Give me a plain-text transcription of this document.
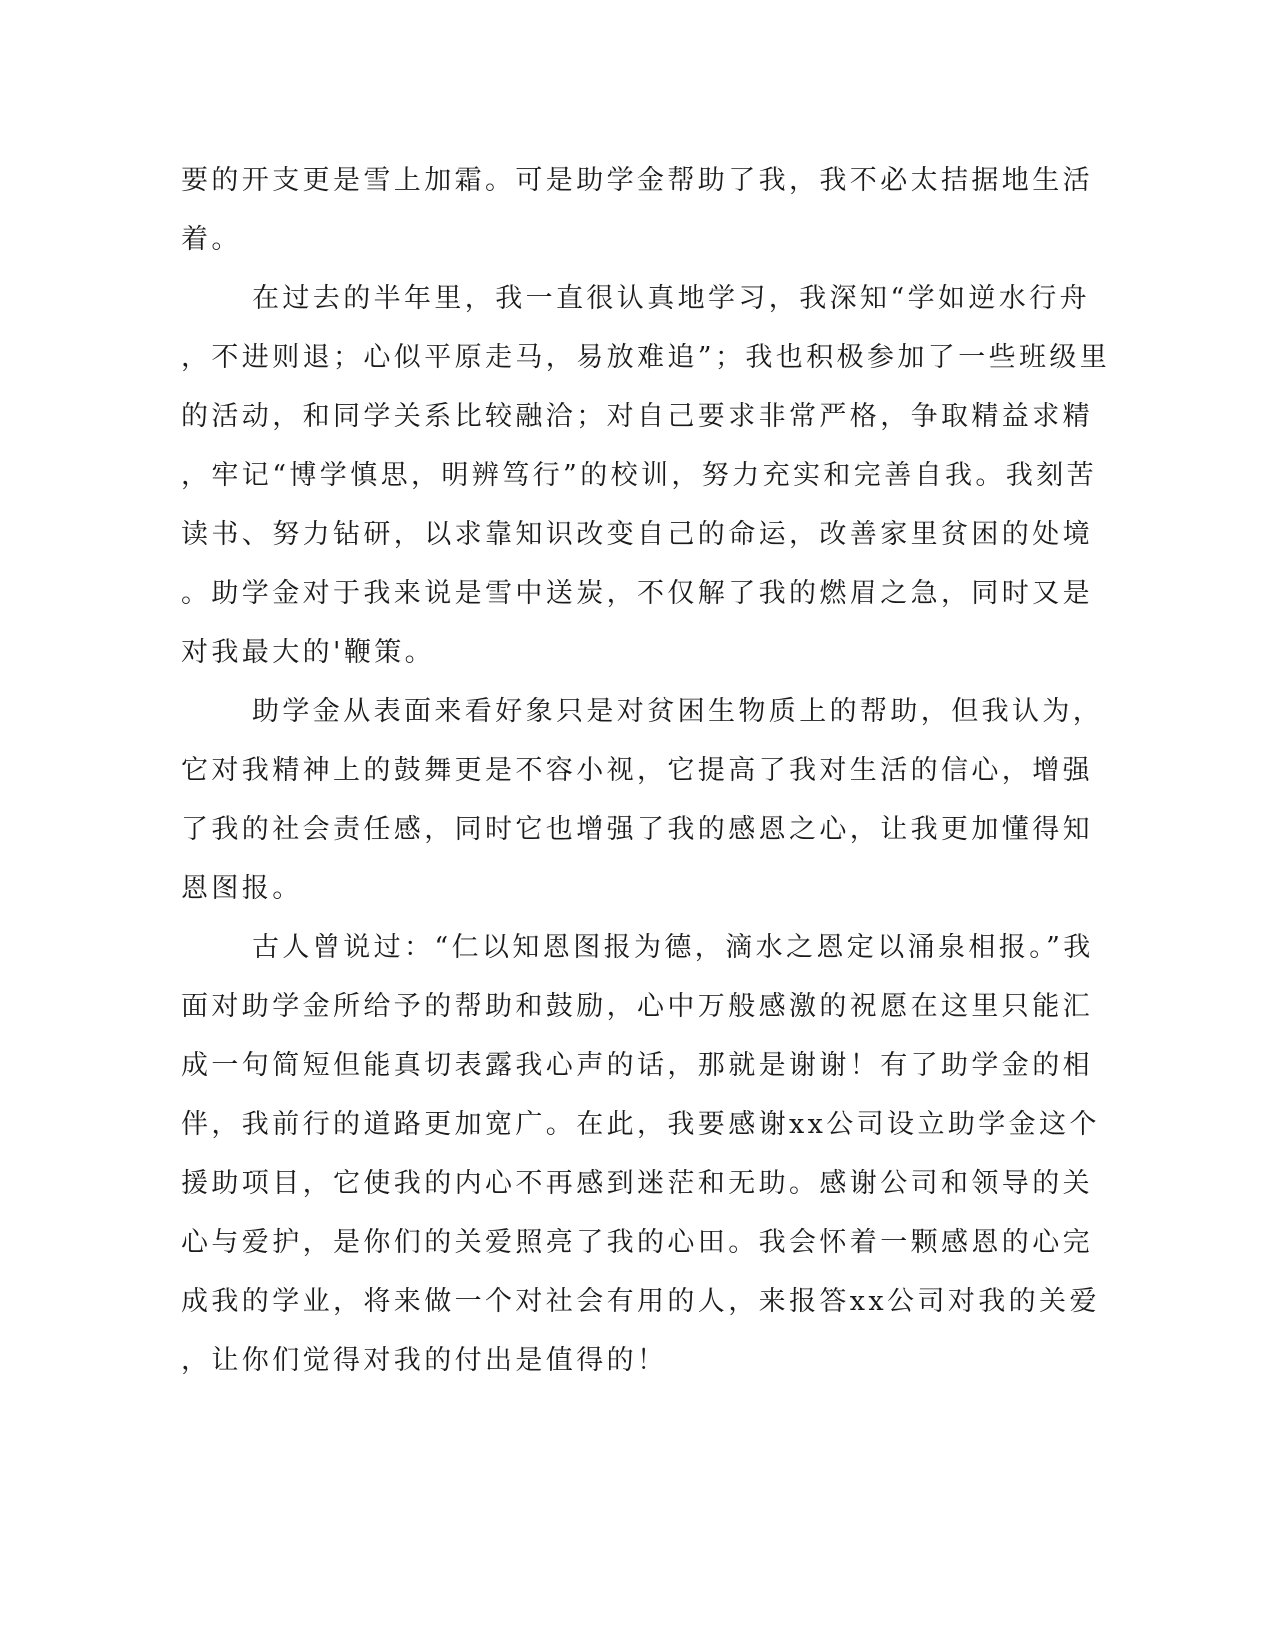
要的开支更是雪上加霜。可是助学金帮助了我，我不必太拮据地生活
着。
在过去的半年里，我一直很认真地学习，我深知“学如逆水行舟
，不进则退；心似平原走马，易放难追”；我也积极参加了一些班级里
的活动，和同学关系比较融洽；对自己要求非常严格，争取精益求精
，牢记“博学慎思，明辨笃行”的校训，努力充实和完善自我。我刻苦
读书、努力钻研，以求靠知识改变自己的命运，改善家里贫困的处境
。助学金对于我来说是雪中送炭，不仅解了我的燃眉之急，同时又是
对我最大的'鞭策。
助学金从表面来看好象只是对贫困生物质上的帮助，但我认为，
它对我精神上的鼓舞更是不容小视，它提高了我对生活的信心，增强
了我的社会责任感，同时它也增强了我的感恩之心，让我更加懂得知
恩图报。
古人曾说过：“仁以知恩图报为德，滴水之恩定以涌泉相报。”我
面对助学金所给予的帮助和鼓励，心中万般感激的祝愿在这里只能汇
成一句简短但能真切表露我心声的话，那就是谢谢！有了助学金的相
伴，我前行的道路更加宽广。在此，我要感谢xx公司设立助学金这个
援助项目，它使我的内心不再感到迷茫和无助。感谢公司和领导的关
心与爱护，是你们的关爱照亮了我的心田。我会怀着一颗感恩的心完
成我的学业，将来做一个对社会有用的人，来报答xx公司对我的关爱
，让你们觉得对我的付出是值得的！
